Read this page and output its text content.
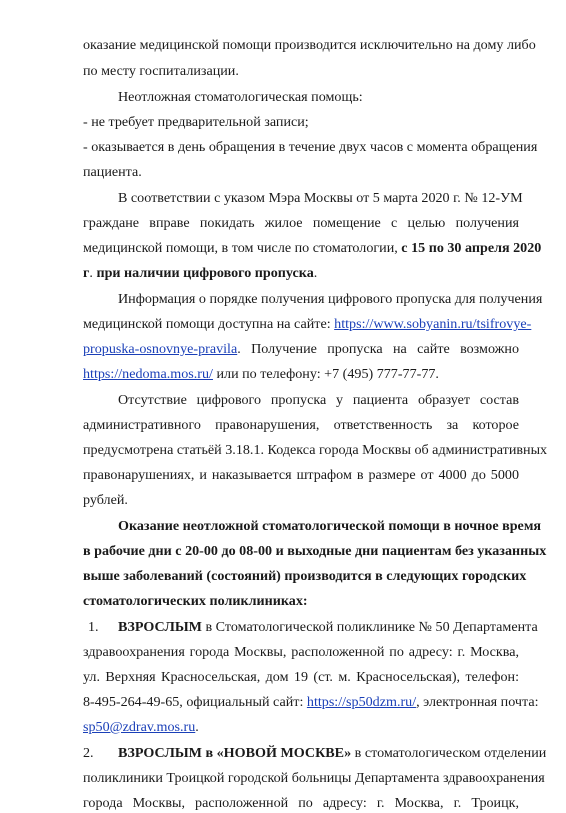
оказание медицинской помощи производится исключительно на дому либо

по месту госпитализации.

Неотложная стоматологическая помощь:

- не требует предварительной записи;

- оказывается в день обращения в течение двух часов с момента обращения

пациента.

В соответствии с указом Мэра Москвы от 5 марта 2020 г. № 12-УМ

граждане вправе покидать жилое помещение с целью получения

медицинской помощи, в том числе по стоматологии, с 15 по 30 апреля 2020

г. при наличии цифрового пропуска.

Информация о порядке получения цифрового пропуска для получения

медицинской помощи доступна на сайте: https://www.sobyanin.ru/tsifrovye-

propuska-osnovnye-pravila. Получение пропуска на сайте возможно

https://nedoma.mos.ru/ или по телефону: +7 (495) 777-77-77.

Отсутствие цифрового пропуска у пациента образует состав

административного правонарушения, ответственность за которое

предусмотрена статьёй 3.18.1. Кодекса города Москвы об административных

правонарушениях, и наказывается штрафом в размере от 4000 до 5000

рублей.

Оказание неотложной стоматологической помощи в ночное время

в рабочие дни с 20-00 до 08-00 и выходные дни пациентам без указанных

выше заболеваний (состояний) производится в следующих городских

стоматологических поликлиниках:

1. ВЗРОСЛЫМ в Стоматологической поликлинике № 50 Департамента

здравоохранения города Москвы, расположенной по адресу: г. Москва,

ул. Верхняя Красносельская, дом 19 (ст. м. Красносельская), телефон:

8-495-264-49-65, официальный сайт: https://sp50dzm.ru/, электронная почта:

sp50@zdrav.mos.ru.

2. ВЗРОСЛЫМ в «НОВОЙ МОСКВЕ» в стоматологическом отделении

поликлиники Троицкой городской больницы Департамента здравоохранения

города Москвы, расположенной по адресу: г. Москва, г. Троицк,
